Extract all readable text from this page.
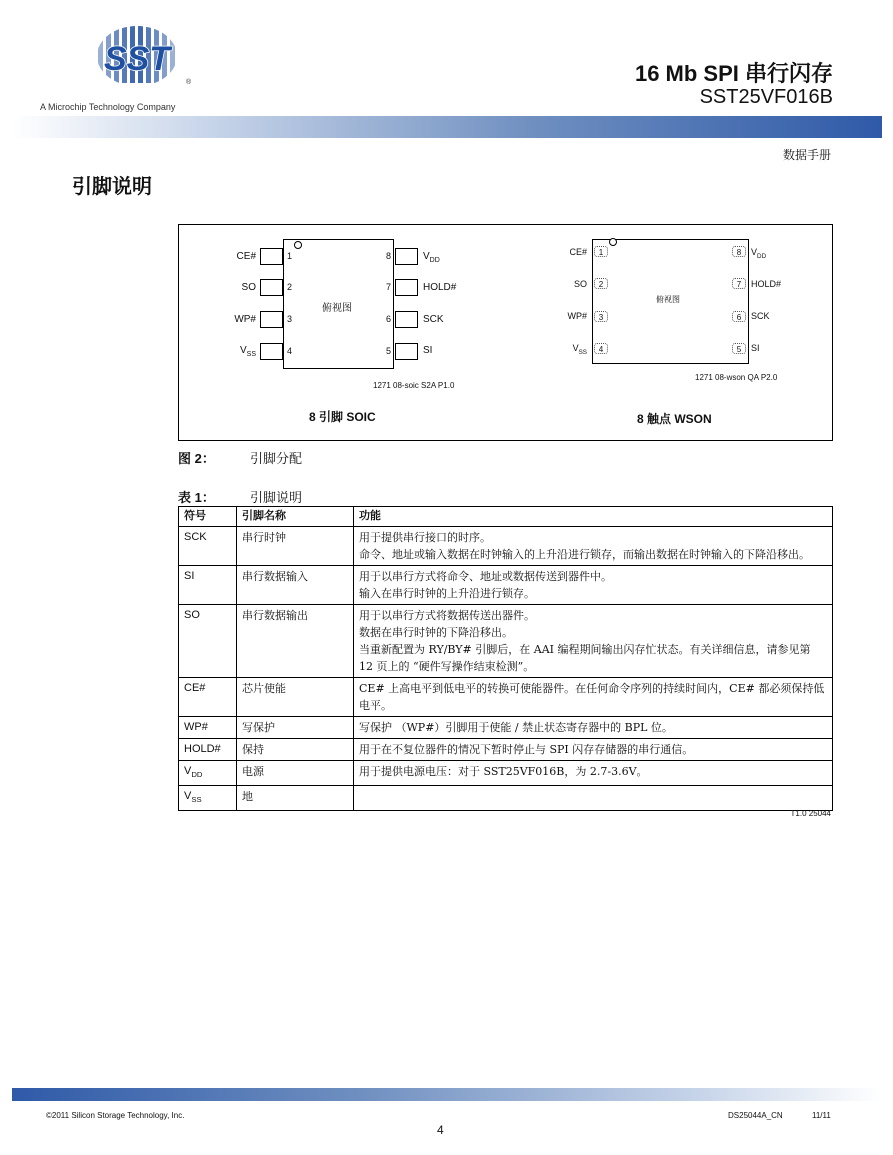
SST
®
A Microchip Technology Company
16 Mb SPI 串行闪存
SST25VF016B
数据手册
引脚说明
俯视图
CE#
SO
WP#
$V_{SS}$
1
2
3
4
8
7
6
5
$V_{DD}$
HOLD#
SCK
SI
1271 08-soic S2A P1.0
8 引脚 SOIC
俯视图
1
2
3
4
8
7
6
5
CE#
SO
WP#
$V_{SS}$
$V_{DD}$
HOLD#
SCK
SI
1271 08-wson QA P2.0
8 触点 WSON
图 2：	引脚分配
表 1：	引脚说明
符号	引脚名称	功能
SCK	串行时钟	用于提供串行接口的时序。
命令、地址或输入数据在时钟输入的上升沿进行锁存，而输出数据在时钟输入的下降沿移出。

SI	串行数据输入	用于以串行方式将命令、地址或数据传送到器件中。
输入在串行时钟的上升沿进行锁存。

SO	串行数据输出	用于以串行方式将数据传送出器件。
数据在串行时钟的下降沿移出。
当重新配置为 RY/BY# 引脚后，在 AAI 编程期间输出闪存忙状态。有关详细信息，请参见第 12 页上的 “硬件写操作结束检测”。

CE#	芯片使能	CE# 上高电平到低电平的转换可使能器件。在任何命令序列的持续时间内，CE# 都必须保持低电平。

WP#	写保护	写保护 （WP#）引脚用于使能 / 禁止状态寄存器中的 BPL 位。

HOLD#	保持	用于在不复位器件的情况下暂时停止与 SPI 闪存存储器的串行通信。

$V_{DD}$	电源	用于提供电源电压：对于 SST25VF016B，为 2.7-3.6V。

$V_{SS}$	地	
T1.0 25044
©2011 Silicon Storage Technology, Inc.	DS25044A_CN	11/11
4
